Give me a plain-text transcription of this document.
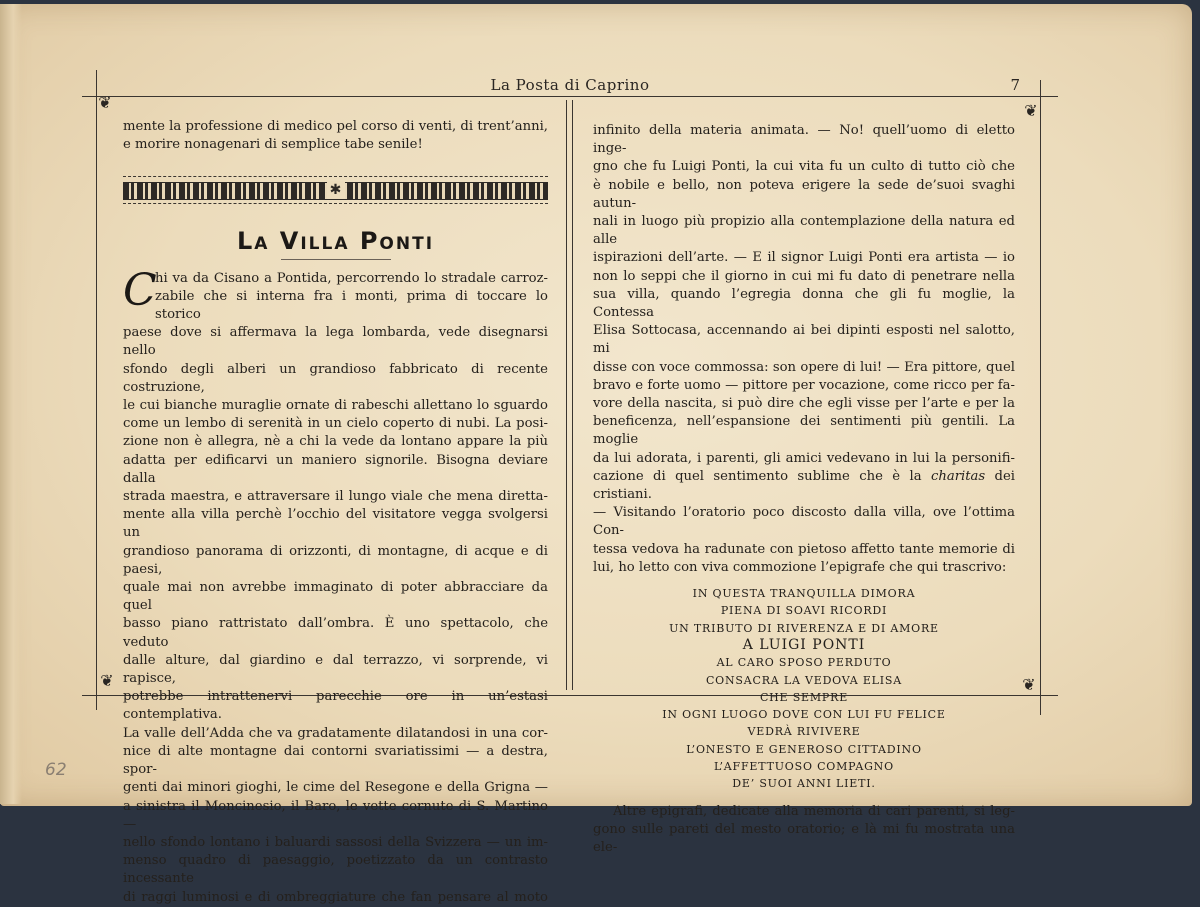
La Posta di Caprino	7
❦	❦
❦	❦

mente la professione di medico pel corso di venti, di trent’anni,

e morire nonagenari di semplice tabe senile!

✱
La Villa Ponti
C

hi va da Cisano a Pontida, percorrendo lo stradale carroz-

zabile che si interna fra i monti, prima di toccare lo storico

paese dove si affermava la lega lombarda, vede disegnarsi nello

sfondo degli alberi un grandioso fabbricato di recente costruzione,

le cui bianche muraglie ornate di rabeschi allettano lo sguardo

come un lembo di serenità in un cielo coperto di nubi. La posi-

zione non è allegra, nè a chi la vede da lontano appare la più

adatta per edificarvi un maniero signorile. Bisogna deviare dalla

strada maestra, e attraversare il lungo viale che mena diretta-

mente alla villa perchè l’occhio del visitatore vegga svolgersi un

grandioso panorama di orizzonti, di montagne, di acque e di paesi,

quale mai non avrebbe immaginato di poter abbracciare da quel

basso piano rattristato dall’ombra. È uno spettacolo, che veduto

dalle alture, dal giardino e dal terrazzo, vi sorprende, vi rapisce,

potrebbe intrattenervi parecchie ore in un’estasi contemplativa.

La valle dell’Adda che va gradatamente dilatandosi in una cor-

nice di alte montagne dai contorni svariatissimi — a destra, spor-

genti dai minori gioghi, le cime del Resegone e della Grigna —

a sinistra il Moncinesio, il Baro, le vette cornute di S. Martino —

nello sfondo lontano i baluardi sassosi della Svizzera — un im-

menso quadro di paesaggio, poetizzato da un contrasto incessante

di raggi luminosi e di ombreggiature che fan pensare al moto

infinito della materia animata. — No! quell’uomo di eletto inge-

gno che fu Luigi Ponti, la cui vita fu un culto di tutto ciò che

è nobile e bello, non poteva erigere la sede de’suoi svaghi autun-

nali in luogo più propizio alla contemplazione della natura ed alle

ispirazioni dell’arte. — E il signor Luigi Ponti era artista — io

non lo seppi che il giorno in cui mi fu dato di penetrare nella

sua villa, quando l’egregia donna che gli fu moglie, la Contessa

Elisa Sottocasa, accennando ai bei dipinti esposti nel salotto, mi

disse con voce commossa: son opere di lui! — Era pittore, quel

bravo e forte uomo — pittore per vocazione, come ricco per fa-

vore della nascita, si può dire che egli visse per l’arte e per la

beneficenza, nell’espansione dei sentimenti più gentili. La moglie

da lui adorata, i parenti, gli amici vedevano in lui la personifi-

cazione di quel sentimento sublime che è la charitas dei cristiani.

— Visitando l’oratorio poco discosto dalla villa, ove l’ottima Con-

tessa vedova ha radunate con pietoso affetto tante memorie di

lui, ho letto con viva commozione l’epigrafe che qui trascrivo:

IN QUESTA TRANQUILLA DIMORA
PIENA DI SOAVI RICORDI
UN TRIBUTO DI RIVERENZA E DI AMORE
A LUIGI PONTI
AL CARO SPOSO PERDUTO
CONSACRA LA VEDOVA ELISA
CHE SEMPRE
IN OGNI LUOGO DOVE CON LUI FU FELICE
VEDRÀ RIVIVERE
L’ONESTO E GENEROSO CITTADINO
L’AFFETTUOSO COMPAGNO
DE’ SUOI ANNI LIETI.

Altre epigrafi, dedicate alla memoria di cari parenti, si leg-

gono sulle pareti del mesto oratorio; e là mi fu mostrata una ele-

62
